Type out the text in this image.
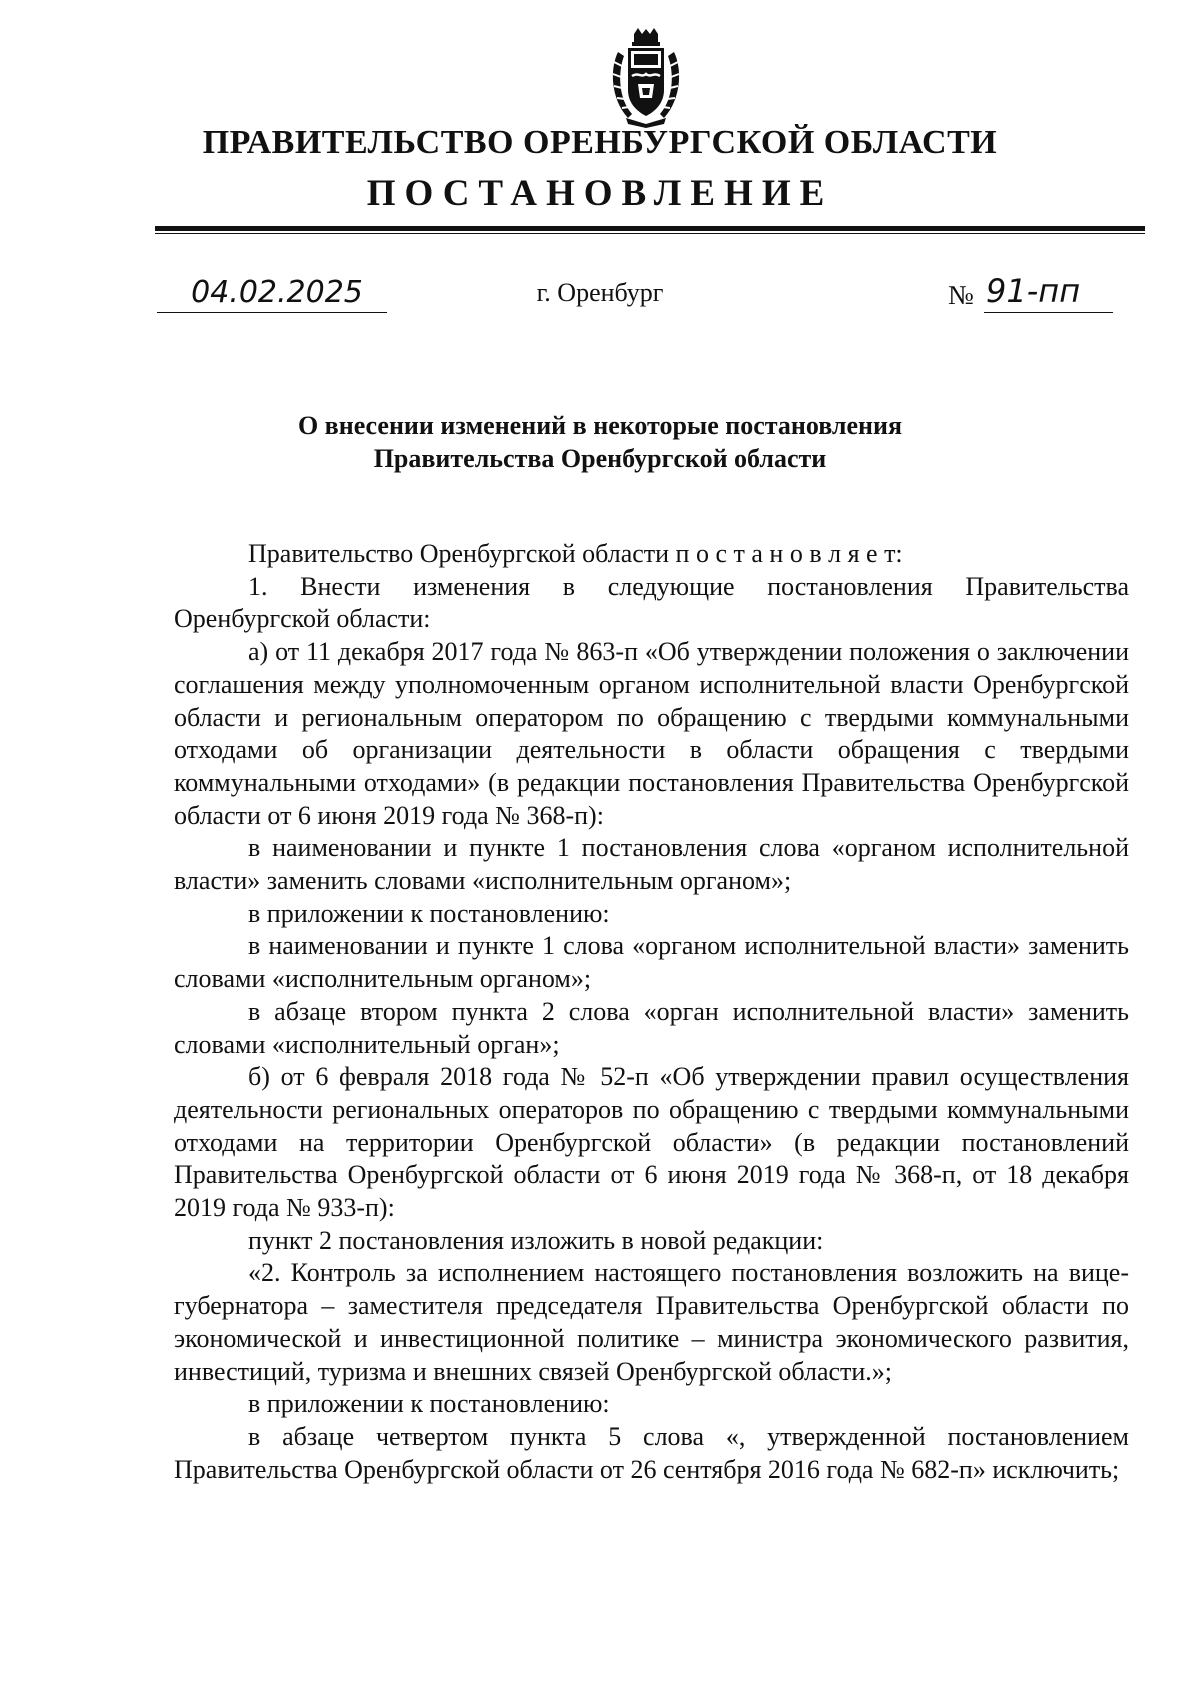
ПРАВИТЕЛЬСТВО ОРЕНБУРГСКОЙ ОБЛАСТИ
ПОСТАНОВЛЕНИЕ
04.02.2025	г. Оренбург	№ 91-пп
О внесении изменений в некоторые постановления
Правительства Оренбургской области

Правительство Оренбургской области п о с т а н о в л я е т:

1. Внести изменения в следующие постановления Правительства Оренбургской области:

а) от 11 декабря 2017 года № 863-п «Об утверждении положения о заключении соглашения между уполномоченным органом исполнительной власти Оренбургской области и региональным оператором по обращению с твердыми коммунальными отходами об организации деятельности в области обращения с твердыми коммунальными отходами» (в редакции постановления Правительства Оренбургской области от 6 июня 2019 года № 368-п):

в наименовании и пункте 1 постановления слова «органом исполнительной власти» заменить словами «исполнительным органом»;

в приложении к постановлению:

в наименовании и пункте 1 слова «органом исполнительной власти» заменить словами «исполнительным органом»;

в абзаце втором пункта 2 слова «орган исполнительной власти» заменить словами «исполнительный орган»;

б) от 6 февраля 2018 года № 52-п «Об утверждении правил осуществления деятельности региональных операторов по обращению с твердыми коммунальными отходами на территории Оренбургской области» (в редакции постановлений Правительства Оренбургской области от 6 июня 2019 года № 368-п, от 18 декабря 2019 года № 933-п):

пункт 2 постановления изложить в новой редакции:

«2. Контроль за исполнением настоящего постановления возложить на вице-губернатора – заместителя председателя Правительства Оренбургской области по экономической и инвестиционной политике – министра экономического развития, инвестиций, туризма и внешних связей Оренбургской области.»;

в приложении к постановлению:

в абзаце четвертом пункта 5 слова «, утвержденной постановлением Правительства Оренбургской области от 26 сентября 2016 года № 682-п» исключить;
